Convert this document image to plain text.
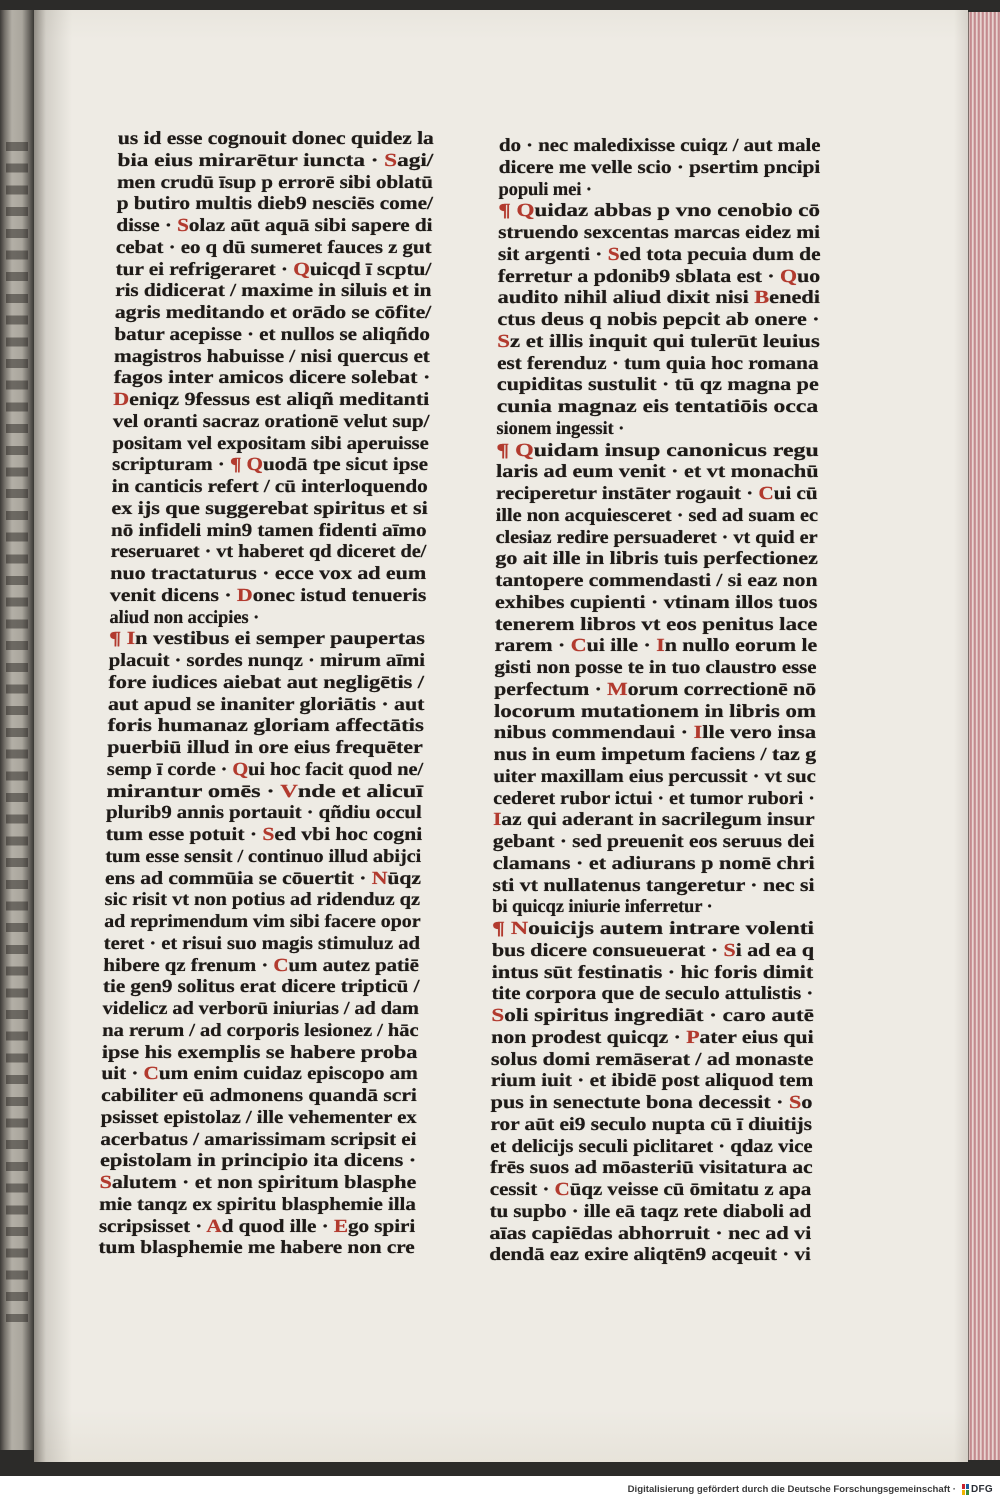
us id esse cognouit donec quidez la
bia eius mirarētur iuncta · Sagi/
men crudū īsup p errorē sibi oblatū
p butiro multis dieb9 nesciēs come/
disse · Solaz aūt aquā sibi sapere di
cebat · eo q dū sumeret fauces z gut
tur ei refrigeraret · Quicqd ī scptu/
ris didicerat / maxime in siluis et in
agris meditando et orādo se cōfite/
batur acepisse · et nullos se aliqñdo
magistros habuisse / nisi quercus et
fagos inter amicos dicere solebat ·
Deniqz 9fessus est aliqñ meditanti
vel oranti sacraz orationē velut sup/
positam vel expositam sibi aperuisse
scripturam · ¶ Quodā tpe sicut ipse
in canticis refert / cū interloquendo
ex ijs que suggerebat spiritus et si
nō infideli min9 tamen fidenti aīmo
reseruaret · vt haberet qd diceret de/
nuo tractaturus · ecce vox ad eum
venit dicens · Donec istud tenueris
aliud non accipies ·
¶ In vestibus ei semper paupertas
placuit · sordes nunqz · mirum aīmi
fore iudices aiebat aut negligētis /
aut apud se inaniter gloriātis · aut
foris humanaz gloriam affectātis
puerbiū illud in ore eius frequēter
semp ī corde · Qui hoc facit quod ne/
mirantur omēs · Vnde et alicuī
plurib9 annis portauit · qñdiu occul
tum esse potuit · Sed vbi hoc cogni
tum esse sensit / continuo illud abijci
ens ad commūia se cōuertit · Nūqz
sic risit vt non potius ad ridenduz qz
ad reprimendum vim sibi facere opor
teret · et risui suo magis stimuluz ad
hibere qz frenum · Cum autez patiē
tie gen9 solitus erat dicere tripticū /
videlicz ad verborū iniurias / ad dam
na rerum / ad corporis lesionez / hāc
ipse his exemplis se habere proba
uit · Cum enim cuidaz episcopo am
cabiliter eū admonens quandā scri
psisset epistolaz / ille vehementer ex
acerbatus / amarissimam scripsit ei
epistolam in principio ita dicens ·
Salutem · et non spiritum blasphe
mie tanqz ex spiritu blasphemie illa
scripsisset · Ad quod ille · Ego spiri
tum blasphemie me habere non cre
do · nec maledixisse cuiqz / aut male
dicere me velle scio · psertim pncipi
populi mei ·
¶ Quidaz abbas p vno cenobio cō
struendo sexcentas marcas eidez mi
sit argenti · Sed tota pecuia dum de
ferretur a pdonib9 sblata est · Quo
audito nihil aliud dixit nisi Benedi
ctus deus q nobis pepcit ab onere ·
Sz et illis inquit qui tulerūt leuius
est ferenduz · tum quia hoc romana
cupiditas sustulit · tū qz magna pe
cunia magnaz eis tentatiōis occa
sionem ingessit ·
¶ Quidam insup canonicus regu
laris ad eum venit · et vt monachū
reciperetur instāter rogauit · Cui cū
ille non acquiesceret · sed ad suam ec
clesiaz redire persuaderet · vt quid er
go ait ille in libris tuis perfectionez
tantopere commendasti / si eaz non
exhibes cupienti · vtinam illos tuos
tenerem libros vt eos penitus lace
rarem · Cui ille · In nullo eorum le
gisti non posse te in tuo claustro esse
perfectum · Morum correctionē nō
locorum mutationem in libris om
nibus commendaui · Ille vero insa
nus in eum impetum faciens / taz g
uiter maxillam eius percussit · vt suc
cederet rubor ictui · et tumor rubori ·
Iaz qui aderant in sacrilegum insur
gebant · sed preuenit eos seruus dei
clamans · et adiurans p nomē chri
sti vt nullatenus tangeretur · nec si
bi quicqz iniurie inferretur ·
¶ Nouicijs autem intrare volenti
bus dicere consueuerat · Si ad ea q
intus sūt festinatis · hic foris dimit
tite corpora que de seculo attulistis ·
Soli spiritus ingrediāt · caro autē
non prodest quicqz · Pater eius qui
solus domi remāserat / ad monaste
rium iuit · et ibidē post aliquod tem
pus in senectute bona decessit · So
ror aūt ei9 seculo nupta cū ī diuitijs
et delicijs seculi piclitaret · qdaz vice
frēs suos ad mōasteriū visitatura ac
cessit · Cūqz veisse cū ōmitatu z apa
tu supbo · ille eā taqz rete diaboli ad
aīas capiēdas abhorruit · nec ad vi
dendā eaz exire aliqtēn9 acqeuit · vi
Digitalisierung gefördert durch die Deutsche Forschungsgemeinschaft ·	DFG
